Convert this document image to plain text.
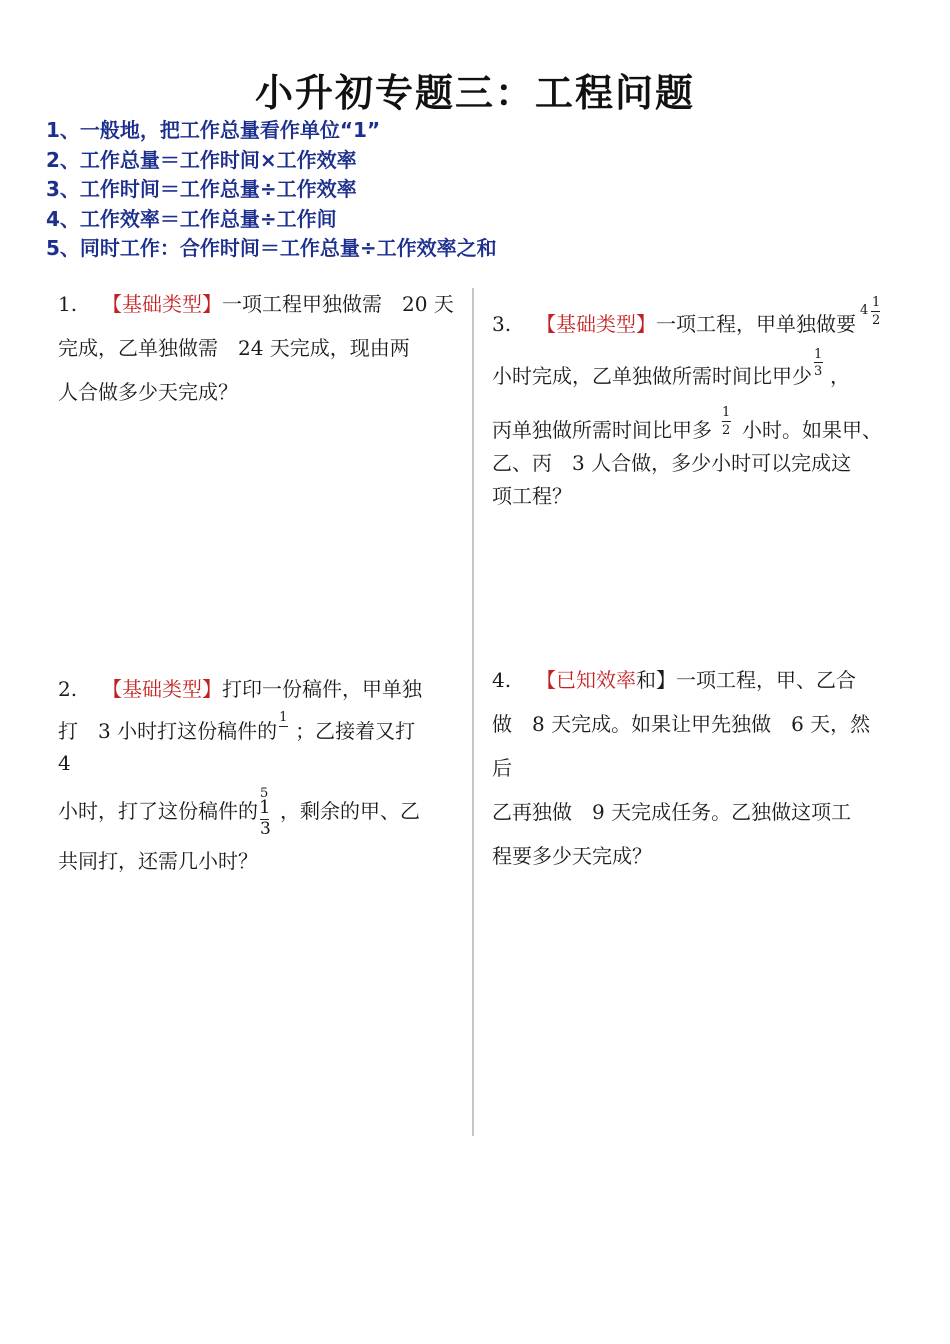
小升初专题三：工程问题
1、一般地，把工作总量看作单位“1”
2、工作总量＝工作时间×工作效率
3、工作时间＝工作总量÷工作效率
4、工作效率＝工作总量÷工作间
5、同时工作：合作时间＝工作总量÷工作效率之和
1. 【基础类型】一项工程甲独做需　20 天
完成，乙单独做需　24 天完成，现由两
人合做多少天完成？
2. 【基础类型】打印一份稿件，甲单独
打　3 小时打这份稿件的
1
；乙接着又打
4
小时，打了这份稿件的
5
1
3
，剩余的甲、乙
共同打，还需几小时？
3. 【基础类型】一项工程，甲单独做要
4
1
2
小时完成，乙单独做所需时间比甲少 $\frac{1}{3}$ ，
丙单独做所需时间比甲多 $\frac{1}{2}$ 小时。如果甲、
乙、丙　3 人合做，多少小时可以完成这
项工程？
4. 【已知效率和】一项工程，甲、乙合
做　8 天完成。如果让甲先独做　6 天，然
后
乙再独做　9 天完成任务。乙独做这项工
程要多少天完成？
